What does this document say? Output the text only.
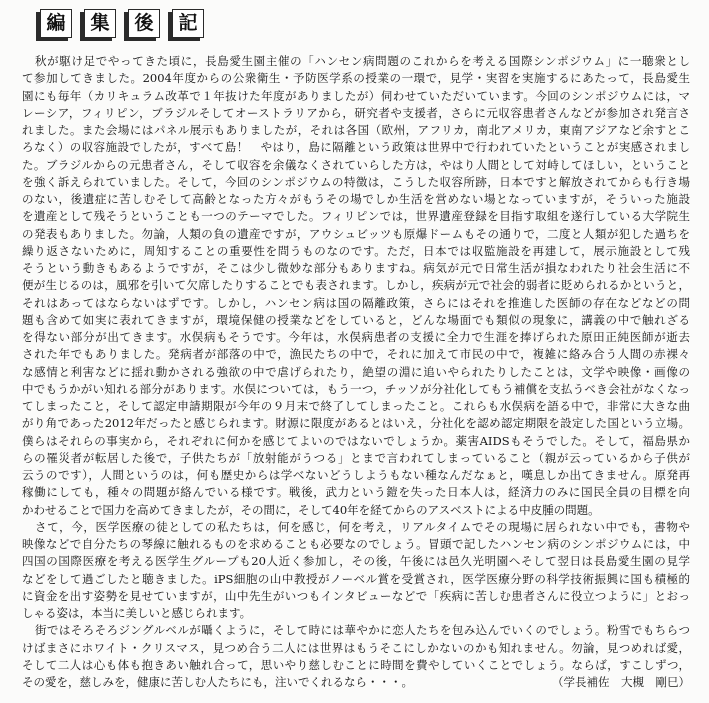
編	集	後	記
秋が駆け足でやってきた頃に，長島愛生園主催の「ハンセン病問題のこれからを考える国際シンポジウム」に一聴衆とし
て参加してきました。2004年度からの公衆衛生・予防医学系の授業の一環で，見学・実習を実施するにあたって，長島愛生
園にも毎年（カリキュラム改革で１年抜けた年度がありましたが）伺わせていただいています。今回のシンポジウムには，マ
レーシア，フィリピン，ブラジルそしてオーストラリアから，研究者や支援者，さらに元収容患者さんなどが参加され発言さ
れました。また会場にはパネル展示もありましたが，それは各国（欧州，アフリカ，南北アメリカ，東南アジアなど余すとこ
ろなく）の収容施設でしたが，すべて島！　やはり，島に隔離という政策は世界中で行われていたということが実感されまし
た。ブラジルからの元患者さん，そして収容を余儀なくされていらした方は，やはり人間として対峙してほしい，ということ
を強く訴えられていました。そして，今回のシンポジウムの特徴は，こうした収容所跡，日本ですと解放されてからも行き場
のない，後遺症に苦しむそして高齢となった方々がもうその場でしか生活を営めない場となっていますが，そういった施設
を遺産として残そうということも一つのテーマでした。フィリピンでは，世界遺産登録を目指す取組を遂行している大学院生
の発表もありました。勿論，人類の負の遺産ですが，アウシュビッツも原爆ドームもその通りで，二度と人類が犯した過ちを
繰り返さないために，周知することの重要性を問うものなのです。ただ，日本では収監施設を再建して，展示施設として残
そうという動きもあるようですが，そこは少し微妙な部分もありますね。病気が元で日常生活が損なわれたり社会生活に不
便が生じるのは，風邪を引いて欠席したりすることでも表されます。しかし，疾病が元で社会的弱者に貶められるかというと，
それはあってはならないはずです。しかし，ハンセン病は国の隔離政策，さらにはそれを推進した医師の存在などなどの問
題も含めて如実に表れてきますが，環境保健の授業などをしていると，どんな場面でも類似の現象に，講義の中で触れざる
を得ない部分が出てきます。水俣病もそうです。今年は，水俣病患者の支援に全力で生涯を捧げられた原田正純医師が逝去
された年でもありました。発病者が部落の中で，漁民たちの中で，それに加えて市民の中で，複雑に絡み合う人間の赤裸々
な感情と利害などに揺れ動かされる強欲の中で虐げられたり，絶望の淵に追いやられたりしたことは，文学や映像・画像の
中でもうかがい知れる部分があります。水俣については，もう一つ，チッソが分社化してもう補償を支払うべき会社がなくなっ
てしまったこと，そして認定申請期限が今年の９月末で終了してしまったこと。これらも水俣病を語る中で，非常に大きな曲
がり角であった2012年だったと感じられます。財源に限度があるとはいえ，分社化を認め認定期限を設定した国という立場。
僕らはそれらの事実から，それぞれに何かを感じてよいのではないでしょうか。薬害AIDSもそうでした。そして，福島県か
らの罹災者が転居した後で，子供たちが「放射能がうつる」とまで言われてしまっていること（親が云っているから子供が
云うのです），人間というのは，何も歴史からは学べないどうしようもない種なんだなぁと，嘆息しか出てきません。原発再
稼働にしても，種々の問題が絡んでいる様です。戦後，武力という鎧を失った日本人は，経済力のみに国民全員の目標を向
かわせることで国力を高めてきましたが，その間に，そして40年を経てからのアスベストによる中皮腫の問題。
さて，今，医学医療の徒としての私たちは，何を感じ，何を考え，リアルタイムでその現場に居られない中でも，書物や
映像などで自分たちの琴線に触れるものを求めることも必要なのでしょう。冒頭で記したハンセン病のシンポジウムには，中
四国の国際医療を考える医学生グループも20人近く参加し，その後，午後には邑久光明園へそして翌日は長島愛生園の見学
などをして過ごしたと聴きました。iPS細胞の山中教授がノーベル賞を受賞され，医学医療分野の科学技術振興に国も積極的
に資金を出す姿勢を見せていますが，山中先生がいつもインタビューなどで「疾病に苦しむ患者さんに役立つように」とおっ
しゃる姿は，本当に美しいと感じられます。
街ではそろそろジングルベルが囁くように，そして時には華やかに恋人たちを包み込んでいくのでしょう。粉雪でもちらつ
けばまさにホワイト・クリスマス，見つめ合う二人には世界はもうそこにしかないのかも知れません。勿論，見つめれば愛，
そして二人は心も体も抱きあい触れ合って，思いやり慈しむことに時間を費やしていくことでしょう。ならば，すこしずつ，
その愛を，慈しみを，健康に苦しむ人たちにも，注いでくれるなら・・・。	（学長補佐　大槻　剛巳）
